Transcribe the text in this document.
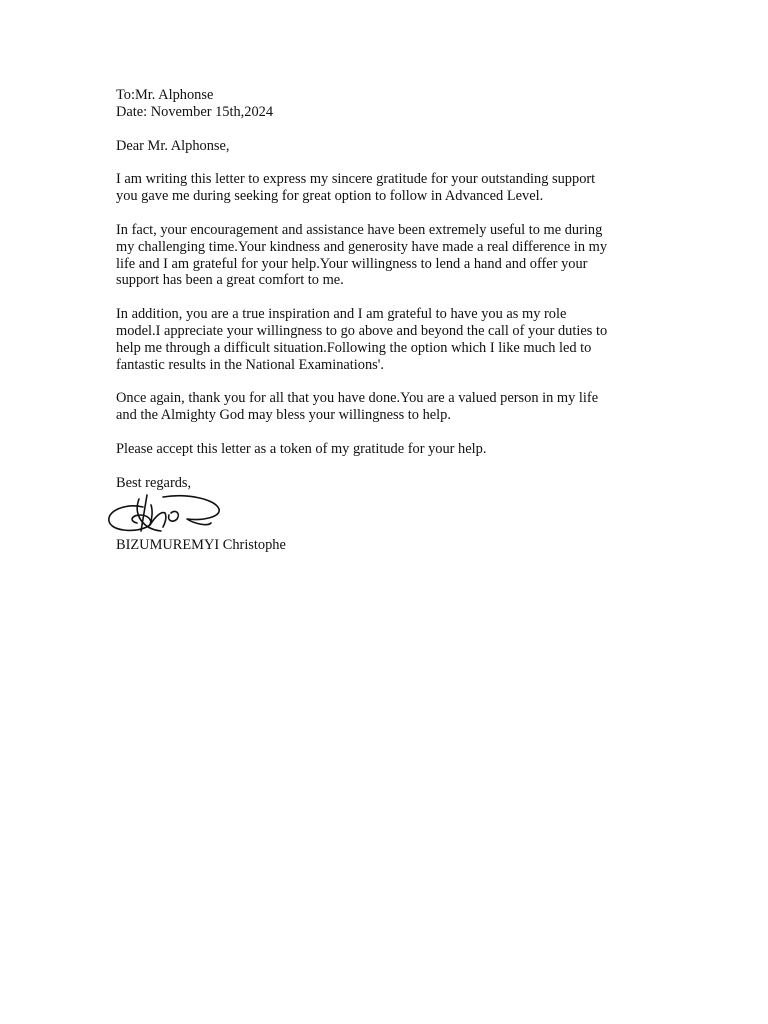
To:Mr. Alphonse
Date: November 15th,2024
Dear Mr. Alphonse,
I am writing this letter to express my sincere gratitude for your outstanding support
you gave me during seeking for great option to follow in Advanced Level.
In fact, your encouragement and assistance have been extremely useful to me during
my challenging time.Your kindness and generosity have made a real difference in my
life and I am grateful for your help.Your willingness to lend a hand and offer your
support has been a great comfort to me.
In addition, you are a true inspiration and I am grateful to have you as my role
model.I appreciate your willingness to go above and beyond the call of your duties to
help me through a difficult situation.Following the option which I like much led to
fantastic results in the National Examinations'.
Once again, thank you for all that you have done.You are a valued person in my life
and the Almighty God may bless your willingness to help.
Please accept this letter as a token of my gratitude for your help.
Best regards,
BIZUMUREMYI Christophe
